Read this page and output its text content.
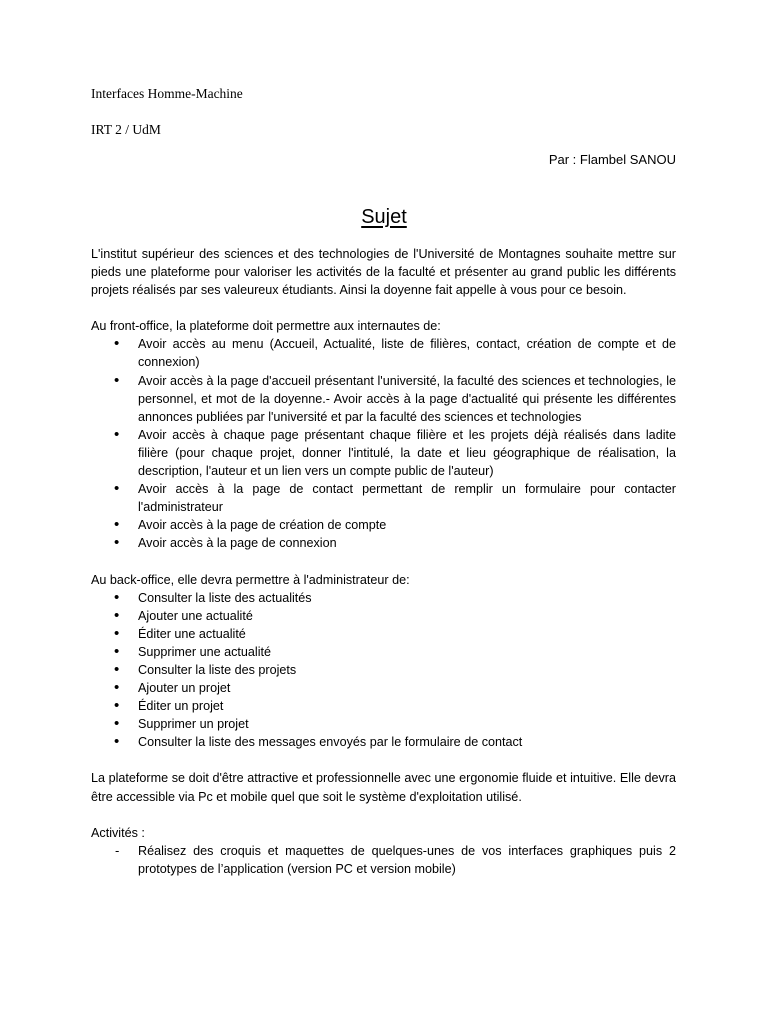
Interfaces Homme-Machine
IRT 2 / UdM
Par : Flambel SANOU
Sujet

L'institut supérieur des sciences et des technologies de l'Université de Montagnes souhaite mettre sur pieds une plateforme pour valoriser les activités de la faculté et présenter au grand public les différents projets réalisés par ses valeureux étudiants. Ainsi la doyenne fait appelle à vous pour ce besoin.

Au front-office, la plateforme doit permettre aux internautes de:

• Avoir accès au menu (Accueil, Actualité, liste de filières, contact, création de compte et de connexion)
• Avoir accès à la page d'accueil présentant l'université, la faculté des sciences et technologies, le personnel, et mot de la doyenne.- Avoir accès à la page d'actualité qui présente les différentes annonces publiées par l'université et par la faculté des sciences et technologies
• Avoir accès à chaque page présentant chaque filière et les projets déjà réalisés dans ladite filière (pour chaque projet, donner l'intitulé, la date et lieu géographique de réalisation, la description, l'auteur et un lien vers un compte public de l'auteur)
• Avoir accès à la page de contact permettant de remplir un formulaire pour contacter l'administrateur
• Avoir accès à la page de création de compte
• Avoir accès à la page de connexion

Au back-office, elle devra permettre à l'administrateur de:

• Consulter la liste des actualités
• Ajouter une actualité
• Éditer une actualité
• Supprimer une actualité
• Consulter la liste des projets
• Ajouter un projet
• Éditer un projet
• Supprimer un projet
• Consulter la liste des messages envoyés par le formulaire de contact

La plateforme se doit d'être attractive et professionnelle avec une ergonomie fluide et intuitive. Elle devra être accessible via Pc et mobile quel que soit le système d'exploitation utilisé.

Activités :

- Réalisez des croquis et maquettes de quelques-unes de vos interfaces graphiques puis 2 prototypes de l’application (version PC et version mobile)
